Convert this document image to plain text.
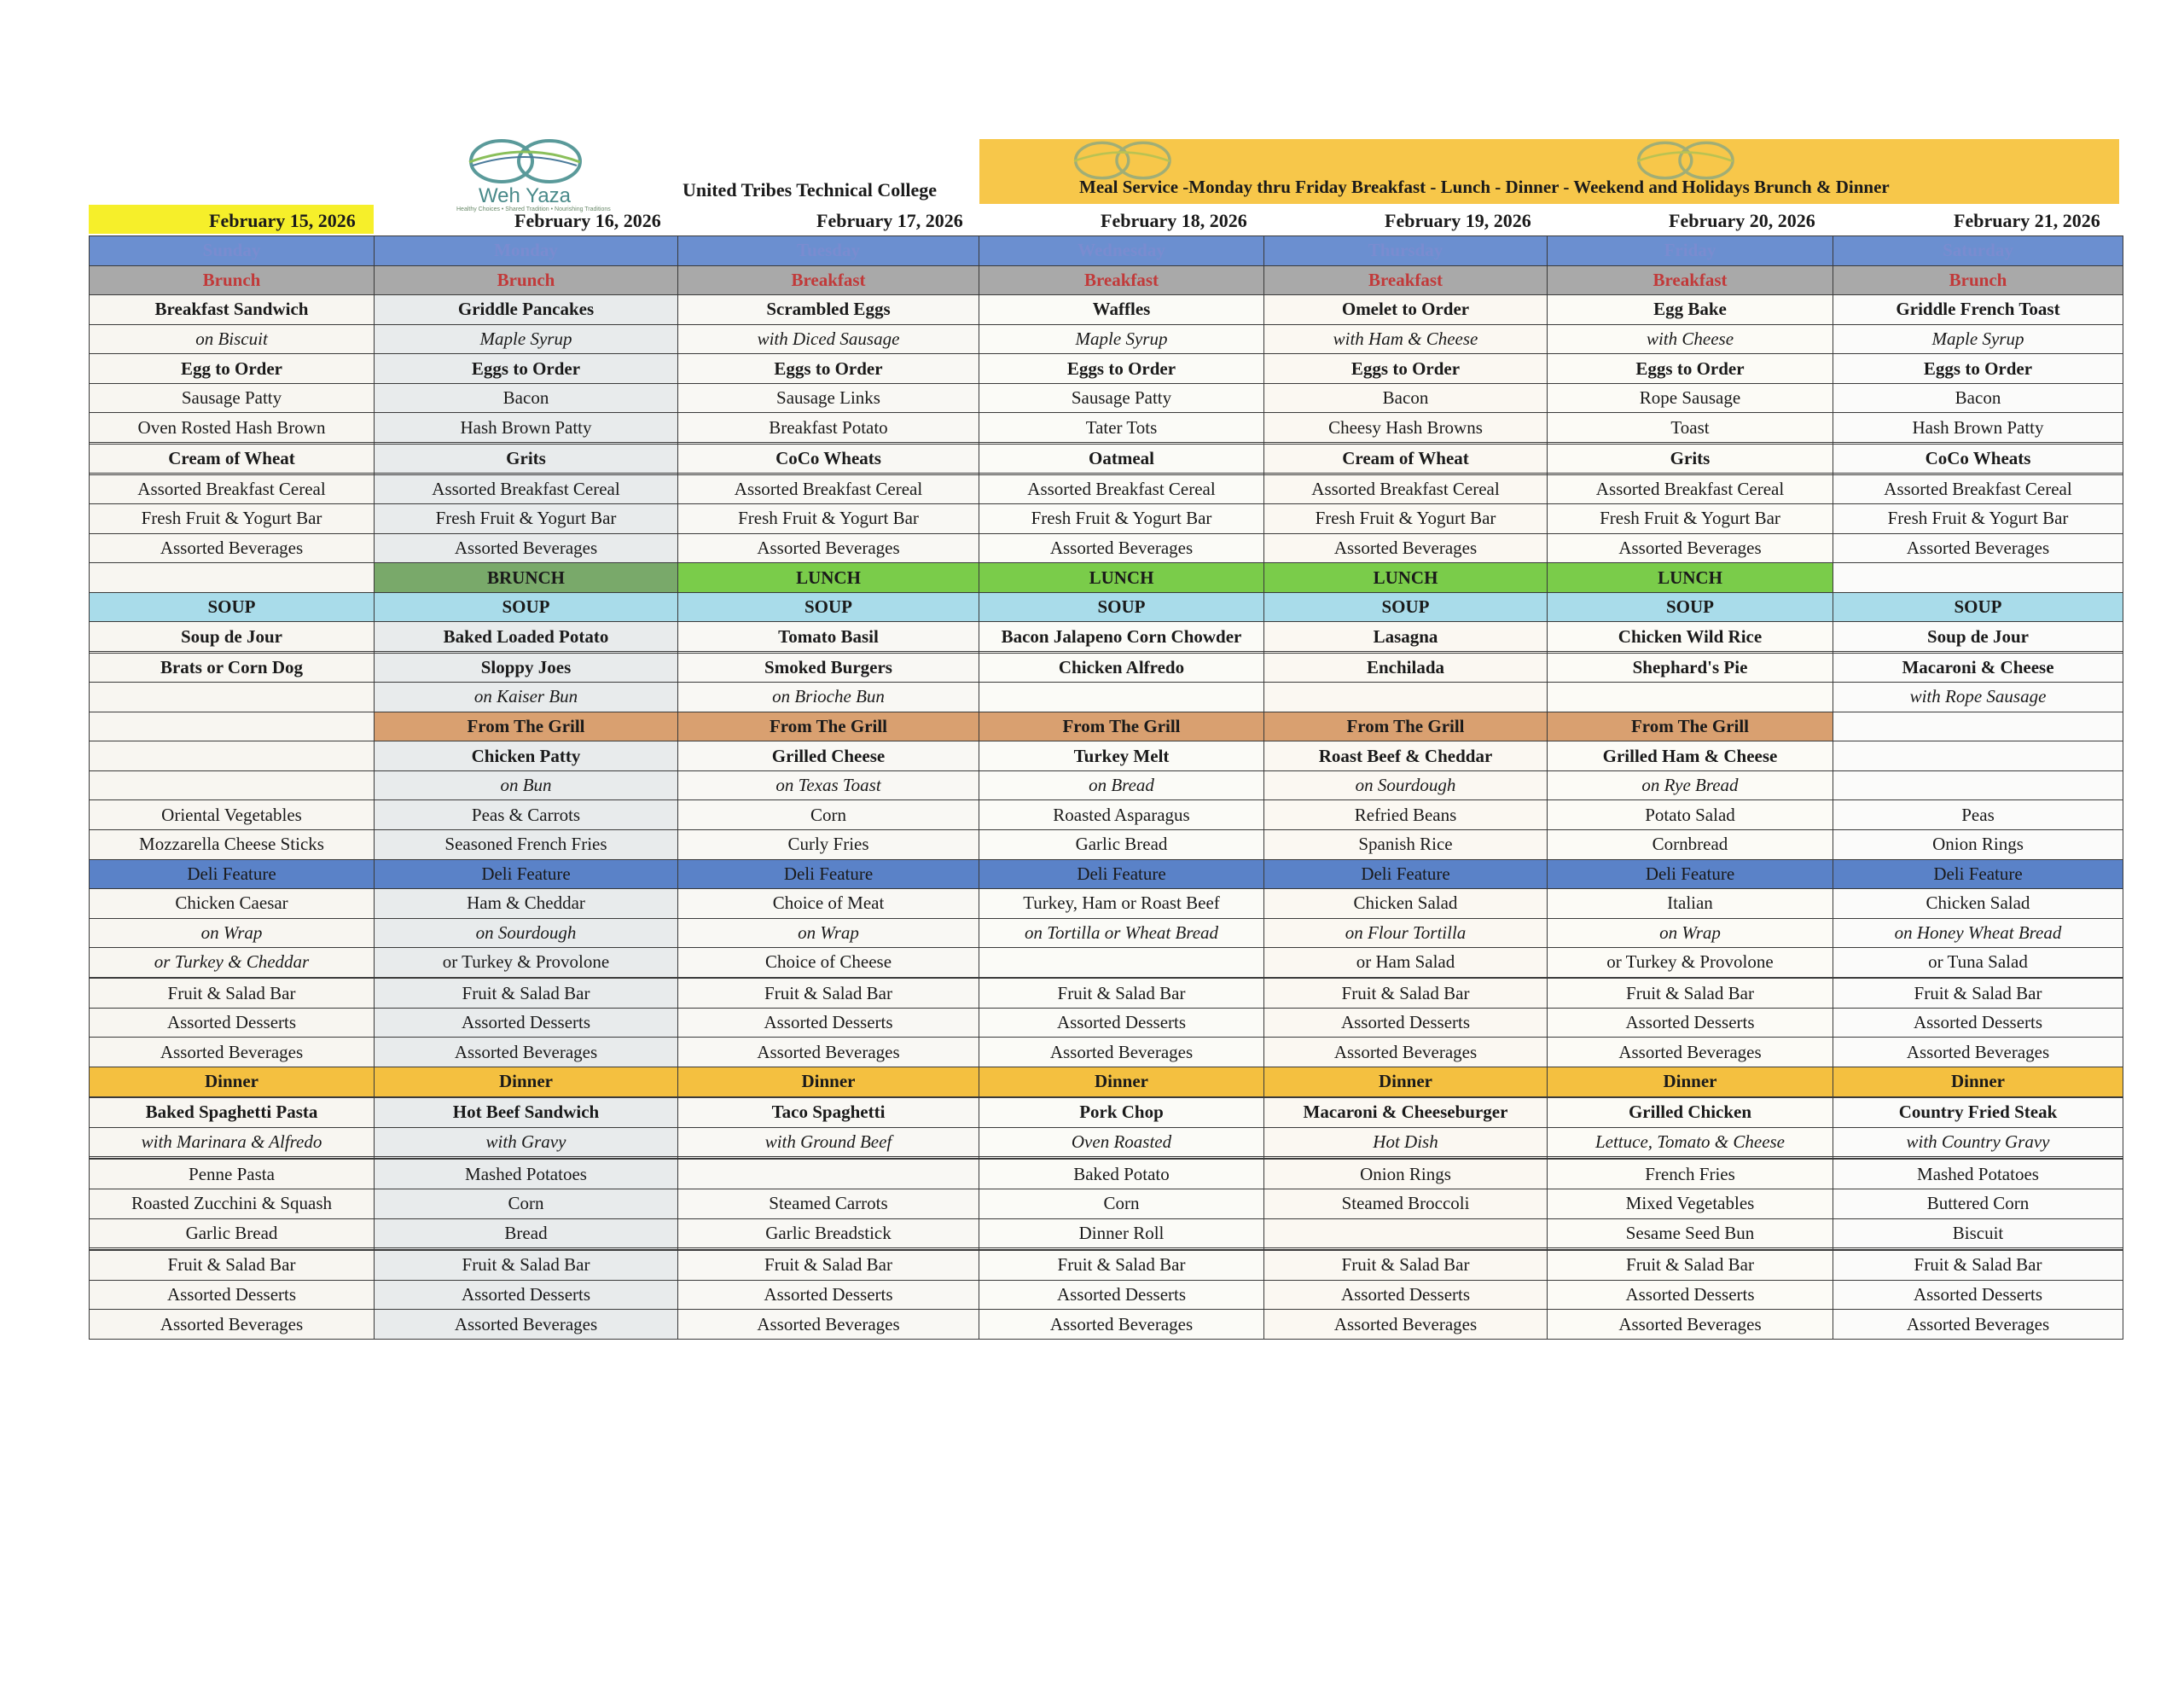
Weh Yaza
Healthy Choices • Shared Tradition • Nourishing Traditions
United Tribes Technical College	Meal Service -Monday thru Friday Breakfast - Lunch - Dinner - Weekend and Holidays Brunch & Dinner
February 15, 2026	February 16, 2026	February 17, 2026	February 18, 2026	February 19, 2026	February 20, 2026	February 21, 2026
Sunday	Monday	Tuesday	Wednesday	Thursday	Friday	Saturday
Brunch	Brunch	Breakfast	Breakfast	Breakfast	Breakfast	Brunch
Breakfast Sandwich	Griddle Pancakes	Scrambled Eggs	Waffles	Omelet to Order	Egg Bake	Griddle French Toast
on Biscuit	Maple Syrup	with Diced Sausage	Maple Syrup	with Ham & Cheese	with Cheese	Maple Syrup
Egg to Order	Eggs to Order	Eggs to Order	Eggs to Order	Eggs to Order	Eggs to Order	Eggs to Order
Sausage Patty	Bacon	Sausage Links	Sausage Patty	Bacon	Rope Sausage	Bacon
Oven Rosted Hash Brown	Hash Brown Patty	Breakfast Potato	Tater Tots	Cheesy Hash Browns	Toast	Hash Brown Patty

Cream of Wheat	Grits	CoCo Wheats	Oatmeal	Cream of Wheat	Grits	CoCo Wheats

Assorted Breakfast Cereal	Assorted Breakfast Cereal	Assorted Breakfast Cereal	Assorted Breakfast Cereal	Assorted Breakfast Cereal	Assorted Breakfast Cereal	Assorted Breakfast Cereal
Fresh Fruit & Yogurt Bar	Fresh Fruit & Yogurt Bar	Fresh Fruit & Yogurt Bar	Fresh Fruit & Yogurt Bar	Fresh Fruit & Yogurt Bar	Fresh Fruit & Yogurt Bar	Fresh Fruit & Yogurt Bar
Assorted Beverages	Assorted Beverages	Assorted Beverages	Assorted Beverages	Assorted Beverages	Assorted Beverages	Assorted Beverages
	BRUNCH	LUNCH	LUNCH	LUNCH	LUNCH	
SOUP	SOUP	SOUP	SOUP	SOUP	SOUP	SOUP
Soup de Jour	Baked Loaded Potato	Tomato Basil	Bacon Jalapeno Corn Chowder	Lasagna	Chicken Wild Rice	Soup de Jour

Brats or Corn Dog	Sloppy Joes	Smoked Burgers	Chicken Alfredo	Enchilada	Shephard's Pie	Macaroni & Cheese
	on Kaiser Bun	on Brioche Bun				with Rope Sausage
	From The Grill	From The Grill	From The Grill	From The Grill	From The Grill	
	Chicken Patty	Grilled Cheese	Turkey Melt	Roast Beef & Cheddar	Grilled Ham & Cheese	
	on Bun	on Texas Toast	on Bread	on Sourdough	on Rye Bread	
Oriental Vegetables	Peas & Carrots	Corn	Roasted Asparagus	Refried Beans	Potato Salad	Peas
Mozzarella Cheese Sticks	Seasoned French Fries	Curly Fries	Garlic Bread	Spanish Rice	Cornbread	Onion Rings
Deli Feature	Deli Feature	Deli Feature	Deli Feature	Deli Feature	Deli Feature	Deli Feature
Chicken Caesar	Ham & Cheddar	Choice of Meat	Turkey, Ham or Roast Beef	Chicken Salad	Italian	Chicken Salad
on Wrap	on Sourdough	on Wrap	on Tortilla or Wheat Bread	on Flour Tortilla	on Wrap	on Honey Wheat Bread
or Turkey & Cheddar	or Turkey & Provolone	Choice of Cheese		or Ham Salad	or Turkey & Provolone	or Tuna Salad

Fruit & Salad Bar	Fruit & Salad Bar	Fruit & Salad Bar	Fruit & Salad Bar	Fruit & Salad Bar	Fruit & Salad Bar	Fruit & Salad Bar
Assorted Desserts	Assorted Desserts	Assorted Desserts	Assorted Desserts	Assorted Desserts	Assorted Desserts	Assorted Desserts
Assorted Beverages	Assorted Beverages	Assorted Beverages	Assorted Beverages	Assorted Beverages	Assorted Beverages	Assorted Beverages
Dinner	Dinner	Dinner	Dinner	Dinner	Dinner	Dinner

Baked Spaghetti Pasta	Hot Beef Sandwich	Taco Spaghetti	Pork Chop	Macaroni & Cheeseburger	Grilled Chicken	Country Fried Steak
with Marinara & Alfredo	with Gravy	with Ground Beef	Oven Roasted	Hot Dish	Lettuce, Tomato & Cheese	with Country Gravy

Penne Pasta	Mashed Potatoes		Baked Potato	Onion Rings	French Fries	Mashed Potatoes
Roasted Zucchini & Squash	Corn	Steamed Carrots	Corn	Steamed Broccoli	Mixed Vegetables	Buttered Corn
Garlic Bread	Bread	Garlic Breadstick	Dinner Roll		Sesame Seed Bun	Biscuit

Fruit & Salad Bar	Fruit & Salad Bar	Fruit & Salad Bar	Fruit & Salad Bar	Fruit & Salad Bar	Fruit & Salad Bar	Fruit & Salad Bar
Assorted Desserts	Assorted Desserts	Assorted Desserts	Assorted Desserts	Assorted Desserts	Assorted Desserts	Assorted Desserts
Assorted Beverages	Assorted Beverages	Assorted Beverages	Assorted Beverages	Assorted Beverages	Assorted Beverages	Assorted Beverages
